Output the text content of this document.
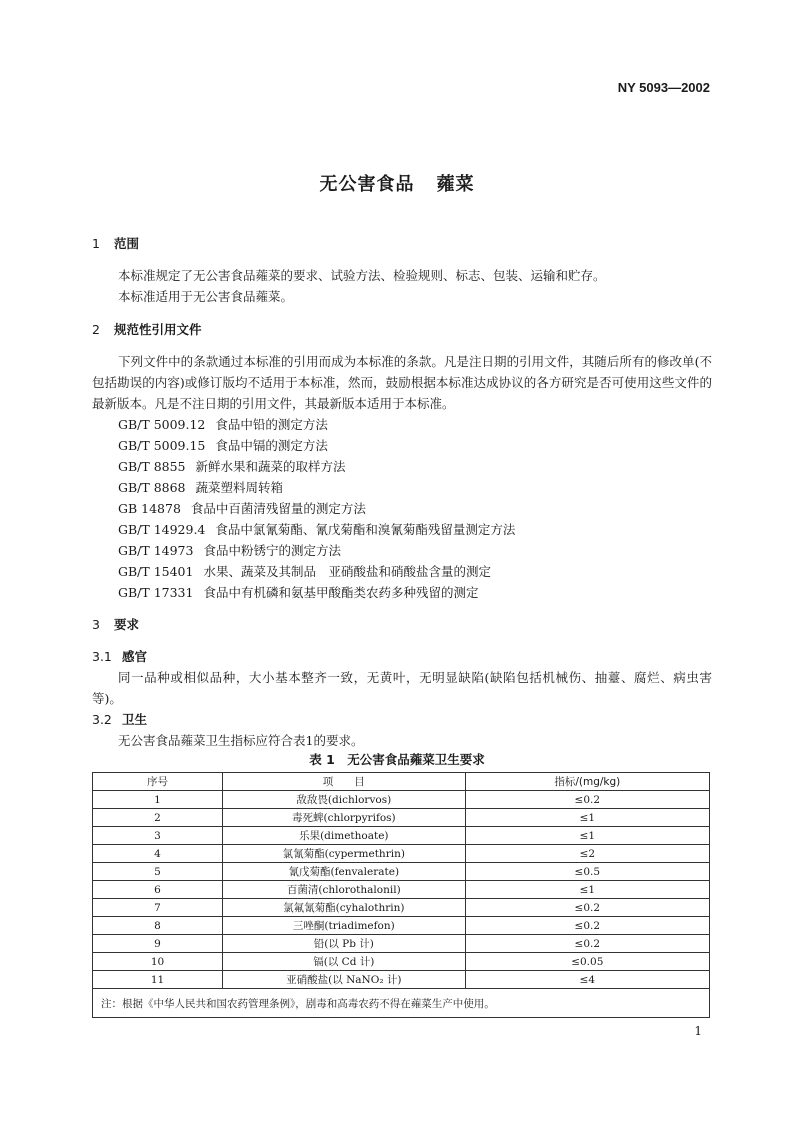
NY 5093—2002
无公害食品 蕹菜
1 范围

本标准规定了无公害食品蕹菜的要求、试验方法、检验规则、标志、包装、运输和贮存。

本标准适用于无公害食品蕹菜。

2 规范性引用文件

下列文件中的条款通过本标准的引用而成为本标准的条款。凡是注日期的引用文件，其随后所有的修改单(不包括勘误的内容)或修订版均不适用于本标准，然而，鼓励根据本标准达成协议的各方研究是否可使用这些文件的最新版本。凡是不注日期的引用文件，其最新版本适用于本标准。

GB/T 5009.12 食品中铅的测定方法
GB/T 5009.15 食品中镉的测定方法
GB/T 8855 新鲜水果和蔬菜的取样方法
GB/T 8868 蔬菜塑料周转箱
GB 14878 食品中百菌清残留量的测定方法
GB/T 14929.4 食品中氯氰菊酯、氰戊菊酯和溴氰菊酯残留量测定方法
GB/T 14973 食品中粉锈宁的测定方法
GB/T 15401 水果、蔬菜及其制品　亚硝酸盐和硝酸盐含量的测定
GB/T 17331 食品中有机磷和氨基甲酸酯类农药多种残留的测定
3 要求
3.1 感官

同一品种或相似品种，大小基本整齐一致，无黄叶，无明显缺陷(缺陷包括机械伤、抽薹、腐烂、病虫害等)。

3.2 卫生

无公害食品蕹菜卫生指标应符合表1的要求。

表 1　无公害食品蕹菜卫生要求
序号	项　　目	指标/(mg/kg)
1	敌敌畏(dichlorvos)	≤0.2
2	毒死蜱(chlorpyrifos)	≤1
3	乐果(dimethoate)	≤1
4	氯氰菊酯(cypermethrin)	≤2
5	氰戊菊酯(fenvalerate)	≤0.5
6	百菌清(chlorothalonil)	≤1
7	氯氟氰菊酯(cyhalothrin)	≤0.2
8	三唑酮(triadimefon)	≤0.2
9	铅(以 Pb 计)	≤0.2
10	镉(以 Cd 计)	≤0.05
11	亚硝酸盐(以 NaNO₂ 计)	≤4
注：根据《中华人民共和国农药管理条例》，剧毒和高毒农药不得在蕹菜生产中使用。		
1
